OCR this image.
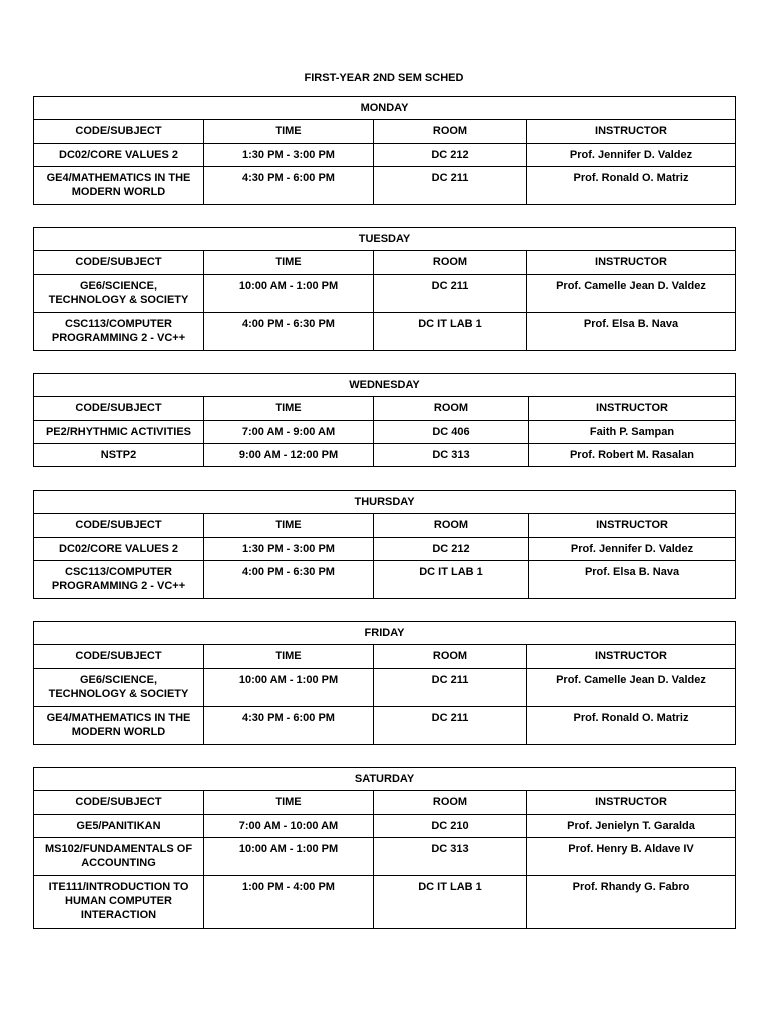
FIRST-YEAR 2ND SEM SCHED
MONDAY			
CODE/SUBJECT	TIME	ROOM	INSTRUCTOR
DC02/CORE VALUES 2	1:30 PM - 3:00 PM	DC 212	Prof. Jennifer D. Valdez
GE4/MATHEMATICS IN THE MODERN WORLD	4:30 PM - 6:00 PM	DC 211	Prof. Ronald O. Matriz
TUESDAY			
CODE/SUBJECT	TIME	ROOM	INSTRUCTOR
GE6/SCIENCE, TECHNOLOGY & SOCIETY	10:00 AM - 1:00 PM	DC 211	Prof. Camelle Jean D. Valdez
CSC113/COMPUTER PROGRAMMING 2 - VC++	4:00 PM - 6:30 PM	DC IT LAB 1	Prof. Elsa B. Nava
WEDNESDAY			
CODE/SUBJECT	TIME	ROOM	INSTRUCTOR
PE2/RHYTHMIC ACTIVITIES	7:00 AM - 9:00 AM	DC 406	Faith P. Sampan
NSTP2	9:00 AM - 12:00 PM	DC 313	Prof. Robert M. Rasalan
THURSDAY			
CODE/SUBJECT	TIME	ROOM	INSTRUCTOR
DC02/CORE VALUES 2	1:30 PM - 3:00 PM	DC 212	Prof. Jennifer D. Valdez
CSC113/COMPUTER PROGRAMMING 2 - VC++	4:00 PM - 6:30 PM	DC IT LAB 1	Prof. Elsa B. Nava
FRIDAY			
CODE/SUBJECT	TIME	ROOM	INSTRUCTOR
GE6/SCIENCE, TECHNOLOGY & SOCIETY	10:00 AM - 1:00 PM	DC 211	Prof. Camelle Jean D. Valdez
GE4/MATHEMATICS IN THE MODERN WORLD	4:30 PM - 6:00 PM	DC 211	Prof. Ronald O. Matriz
SATURDAY			
CODE/SUBJECT	TIME	ROOM	INSTRUCTOR
GE5/PANITIKAN	7:00 AM - 10:00 AM	DC 210	Prof. Jenielyn T. Garalda
MS102/FUNDAMENTALS OF ACCOUNTING	10:00 AM - 1:00 PM	DC 313	Prof. Henry B. Aldave IV
ITE111/INTRODUCTION TO HUMAN COMPUTER INTERACTION	1:00 PM - 4:00 PM	DC IT LAB 1	Prof. Rhandy G. Fabro
